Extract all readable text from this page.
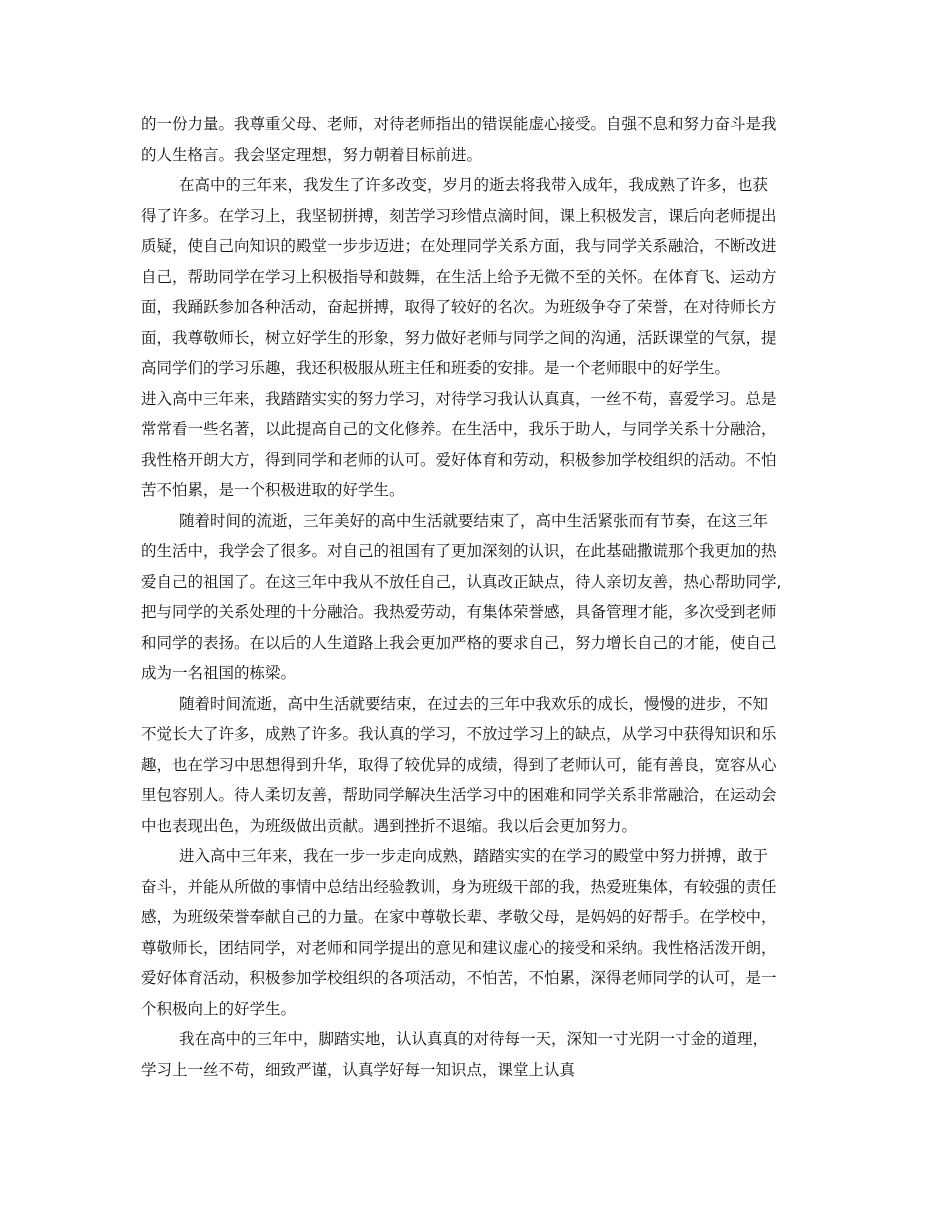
的一份力量。我尊重父母、老师，对待老师指出的错误能虚心接受。自强不息和努力奋斗是我
的人生格言。我会坚定理想，努力朝着目标前进。
在高中的三年来，我发生了许多改变，岁月的逝去将我带入成年，我成熟了许多，也获
得了许多。在学习上，我坚韧拼搏，刻苦学习珍惜点滴时间，课上积极发言，课后向老师提出
质疑，使自己向知识的殿堂一步步迈进；在处理同学关系方面，我与同学关系融洽，不断改进
自己，帮助同学在学习上积极指导和鼓舞，在生活上给予无微不至的关怀。在体育飞、运动方
面，我踊跃参加各种活动，奋起拼搏，取得了较好的名次。为班级争夺了荣誉，在对待师长方
面，我尊敬师长，树立好学生的形象，努力做好老师与同学之间的沟通，活跃课堂的气氛，提
高同学们的学习乐趣，我还积极服从班主任和班委的安排。是一个老师眼中的好学生。
进入高中三年来，我踏踏实实的努力学习，对待学习我认认真真，一丝不苟，喜爱学习。总是
常常看一些名著，以此提高自己的文化修养。在生活中，我乐于助人，与同学关系十分融洽，
我性格开朗大方，得到同学和老师的认可。爱好体育和劳动，积极参加学校组织的活动。不怕
苦不怕累，是一个积极进取的好学生。
随着时间的流逝，三年美好的高中生活就要结束了，高中生活紧张而有节奏，在这三年
的生活中，我学会了很多。对自己的祖国有了更加深刻的认识，在此基础撒谎那个我更加的热
爱自己的祖国了。在这三年中我从不放任自己，认真改正缺点，待人亲切友善，热心帮助同学,
把与同学的关系处理的十分融洽。我热爱劳动，有集体荣誉感，具备管理才能，多次受到老师
和同学的表扬。在以后的人生道路上我会更加严格的要求自己，努力增长自己的才能，使自己
成为一名祖国的栋梁。
随着时间流逝，高中生活就要结束，在过去的三年中我欢乐的成长，慢慢的进步，不知
不觉长大了许多，成熟了许多。我认真的学习，不放过学习上的缺点，从学习中获得知识和乐
趣，也在学习中思想得到升华，取得了较优异的成绩，得到了老师认可，能有善良，宽容从心
里包容别人。待人柔切友善，帮助同学解决生活学习中的困难和同学关系非常融洽，在运动会
中也表现出色，为班级做出贡献。遇到挫折不退缩。我以后会更加努力。
进入高中三年来，我在一步一步走向成熟，踏踏实实的在学习的殿堂中努力拼搏，敢于
奋斗，并能从所做的事情中总结出经验教训，身为班级干部的我，热爱班集体，有较强的责任
感，为班级荣誉奉献自己的力量。在家中尊敬长辈、孝敬父母，是妈妈的好帮手。在学校中，
尊敬师长，团结同学，对老师和同学提出的意见和建议虚心的接受和采纳。我性格活泼开朗，
爱好体育活动，积极参加学校组织的各项活动，不怕苦，不怕累，深得老师同学的认可，是一
个积极向上的好学生。
我在高中的三年中，脚踏实地，认认真真的对待每一天，深知一寸光阴一寸金的道理，
学习上一丝不苟，细致严谨，认真学好每一知识点，课堂上认真
